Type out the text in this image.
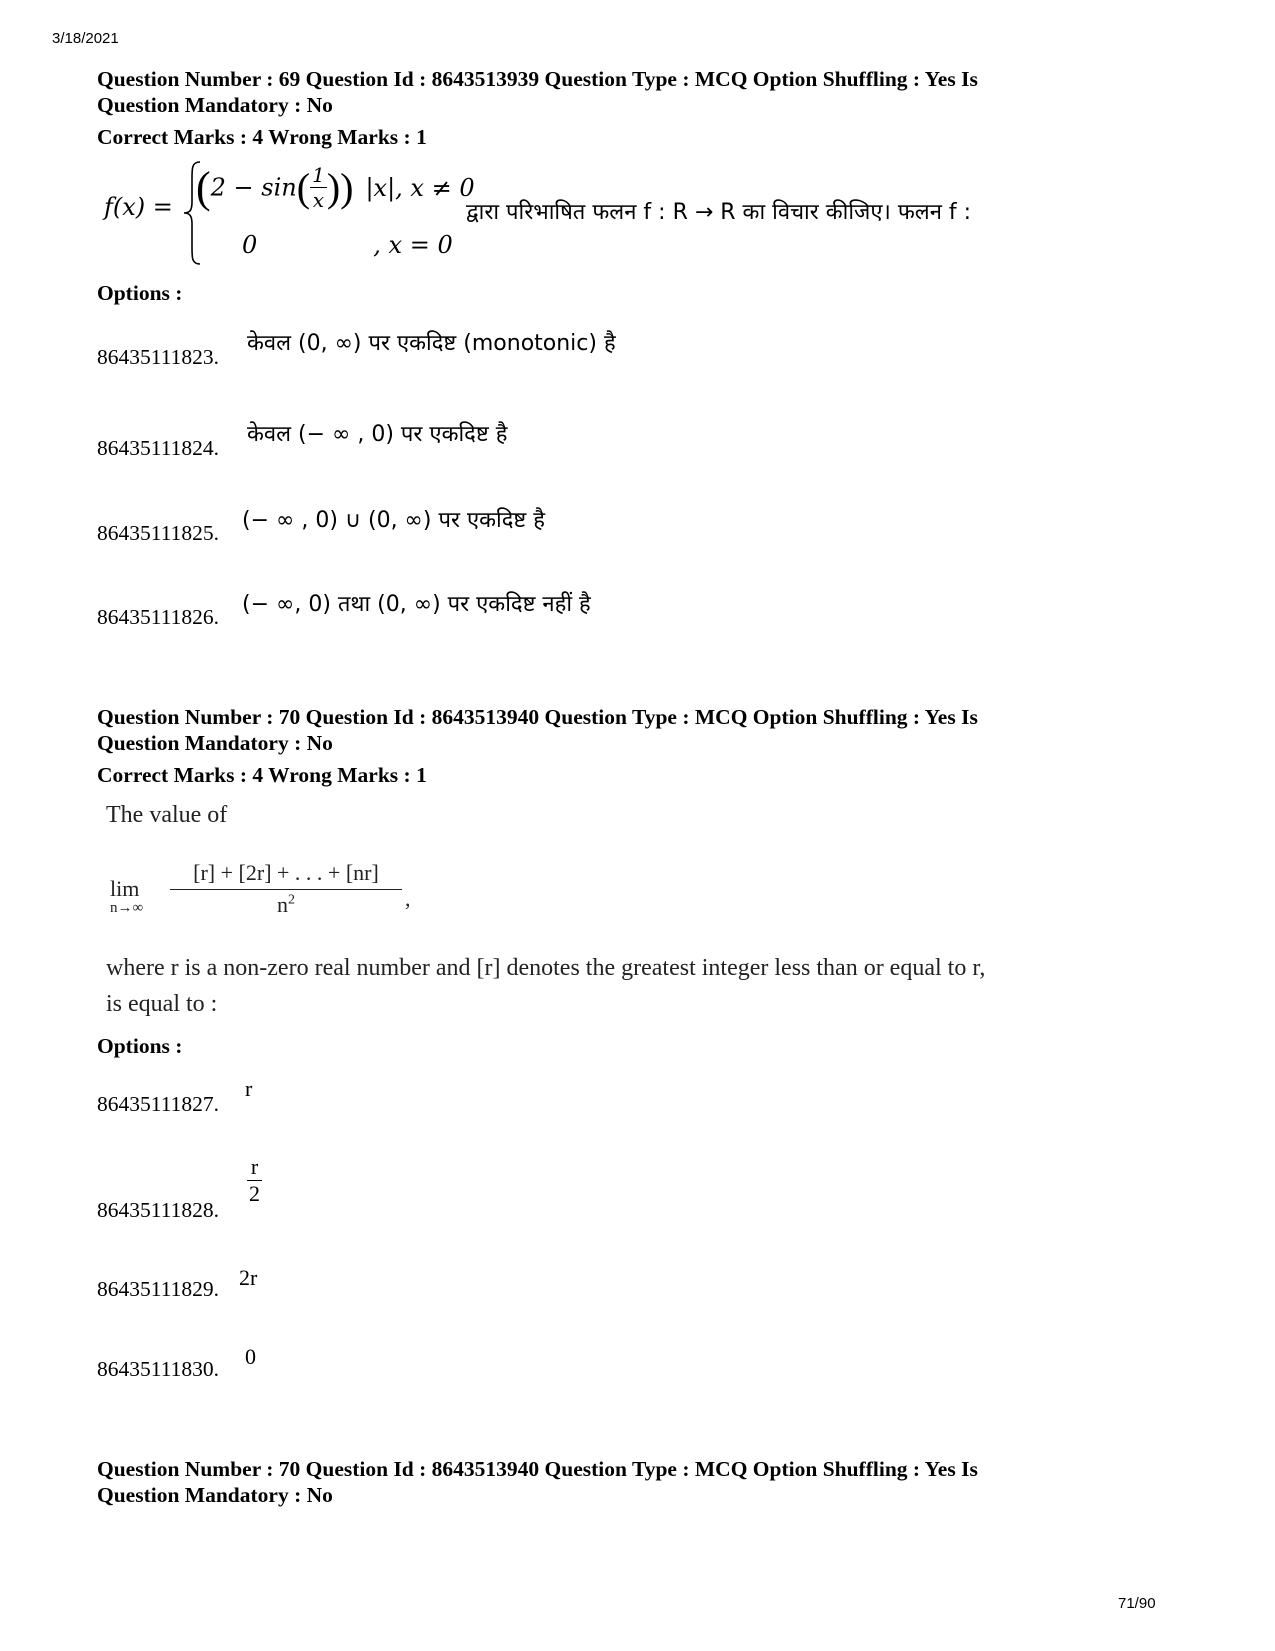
3/18/2021
71/90
Question Number : 69 Question Id : 8643513939 Question Type : MCQ Option Shuffling : Yes Is
Question Mandatory : No
Correct Marks : 4 Wrong Marks : 1
$f(x) = (2 - \sin( \frac{1}{x}$ )) |x|, x ≠ 0
0	, x = 0
द्वारा परिभाषित फलन f : R → R का विचार कीजिए। फलन f :
Options :
86435111823.
केवल (0, ∞) पर एकदिष्ट (monotonic) है
86435111824.
केवल (− ∞ , 0) पर एकदिष्ट है
86435111825. (− ∞ , 0) ∪ (0, ∞) पर एकदिष्ट है
86435111826. (− ∞, 0) तथा (0, ∞) पर एकदिष्ट नहीं है
Question Number : 70 Question Id : 8643513940 Question Type : MCQ Option Shuffling : Yes Is
Question Mandatory : No
Correct Marks : 4 Wrong Marks : 1
The value of
lim
$n\to\infty \frac{[r] + [2r] + . . . + [nr]}{n^2}$ ,
where r is a non-zero real number and [r] denotes the greatest integer less than or equal to r,
is equal to :
Options :
86435111827.
r
86435111828.
$\frac{r}{2}$
86435111829. 2r
86435111830. 0
Question Number : 70 Question Id : 8643513940 Question Type : MCQ Option Shuffling : Yes Is
Question Mandatory : No
